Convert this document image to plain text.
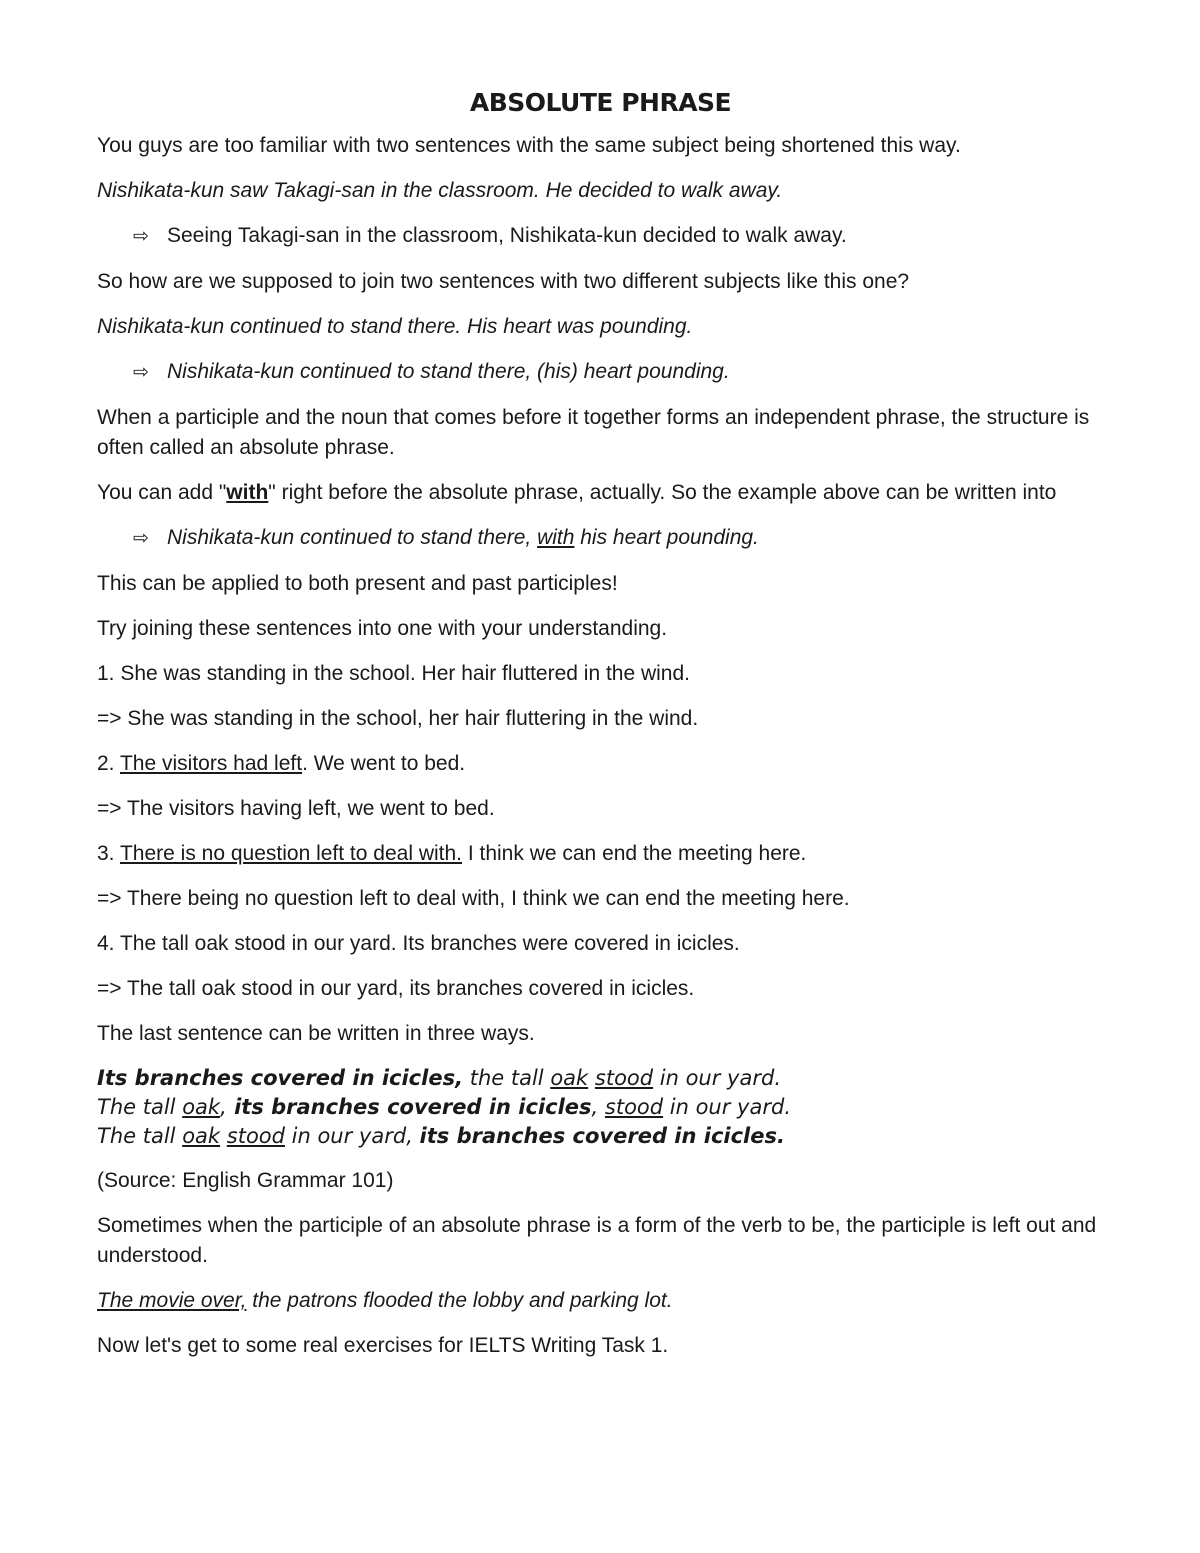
ABSOLUTE PHRASE

You guys are too familiar with two sentences with the same subject being shortened this way.

Nishikata-kun saw Takagi-san in the classroom. He decided to walk away.

⇨ Seeing Takagi-san in the classroom, Nishikata-kun decided to walk away.

So how are we supposed to join two sentences with two different subjects like this one?

Nishikata-kun continued to stand there. His heart was pounding.

⇨ Nishikata-kun continued to stand there, (his) heart pounding.

When a participle and the noun that comes before it together forms an independent phrase, the structure is often called an absolute phrase.

You can add "with" right before the absolute phrase, actually. So the example above can be written into

⇨ Nishikata-kun continued to stand there, with his heart pounding.

This can be applied to both present and past participles!

Try joining these sentences into one with your understanding.

1. She was standing in the school. Her hair fluttered in the wind.

=> She was standing in the school, her hair fluttering in the wind.

2. The visitors had left. We went to bed.

=> The visitors having left, we went to bed.

3. There is no question left to deal with. I think we can end the meeting here.

=> There being no question left to deal with, I think we can end the meeting here.

4. The tall oak stood in our yard. Its branches were covered in icicles.

=> The tall oak stood in our yard, its branches covered in icicles.

The last sentence can be written in three ways.

Its branches covered in icicles, the tall oak stood in our yard.
The tall oak, its branches covered in icicles, stood in our yard.
The tall oak stood in our yard, its branches covered in icicles.

(Source: English Grammar 101)

Sometimes when the participle of an absolute phrase is a form of the verb to be, the participle is left out and understood.

The movie over, the patrons flooded the lobby and parking lot.

Now let's get to some real exercises for IELTS Writing Task 1.
